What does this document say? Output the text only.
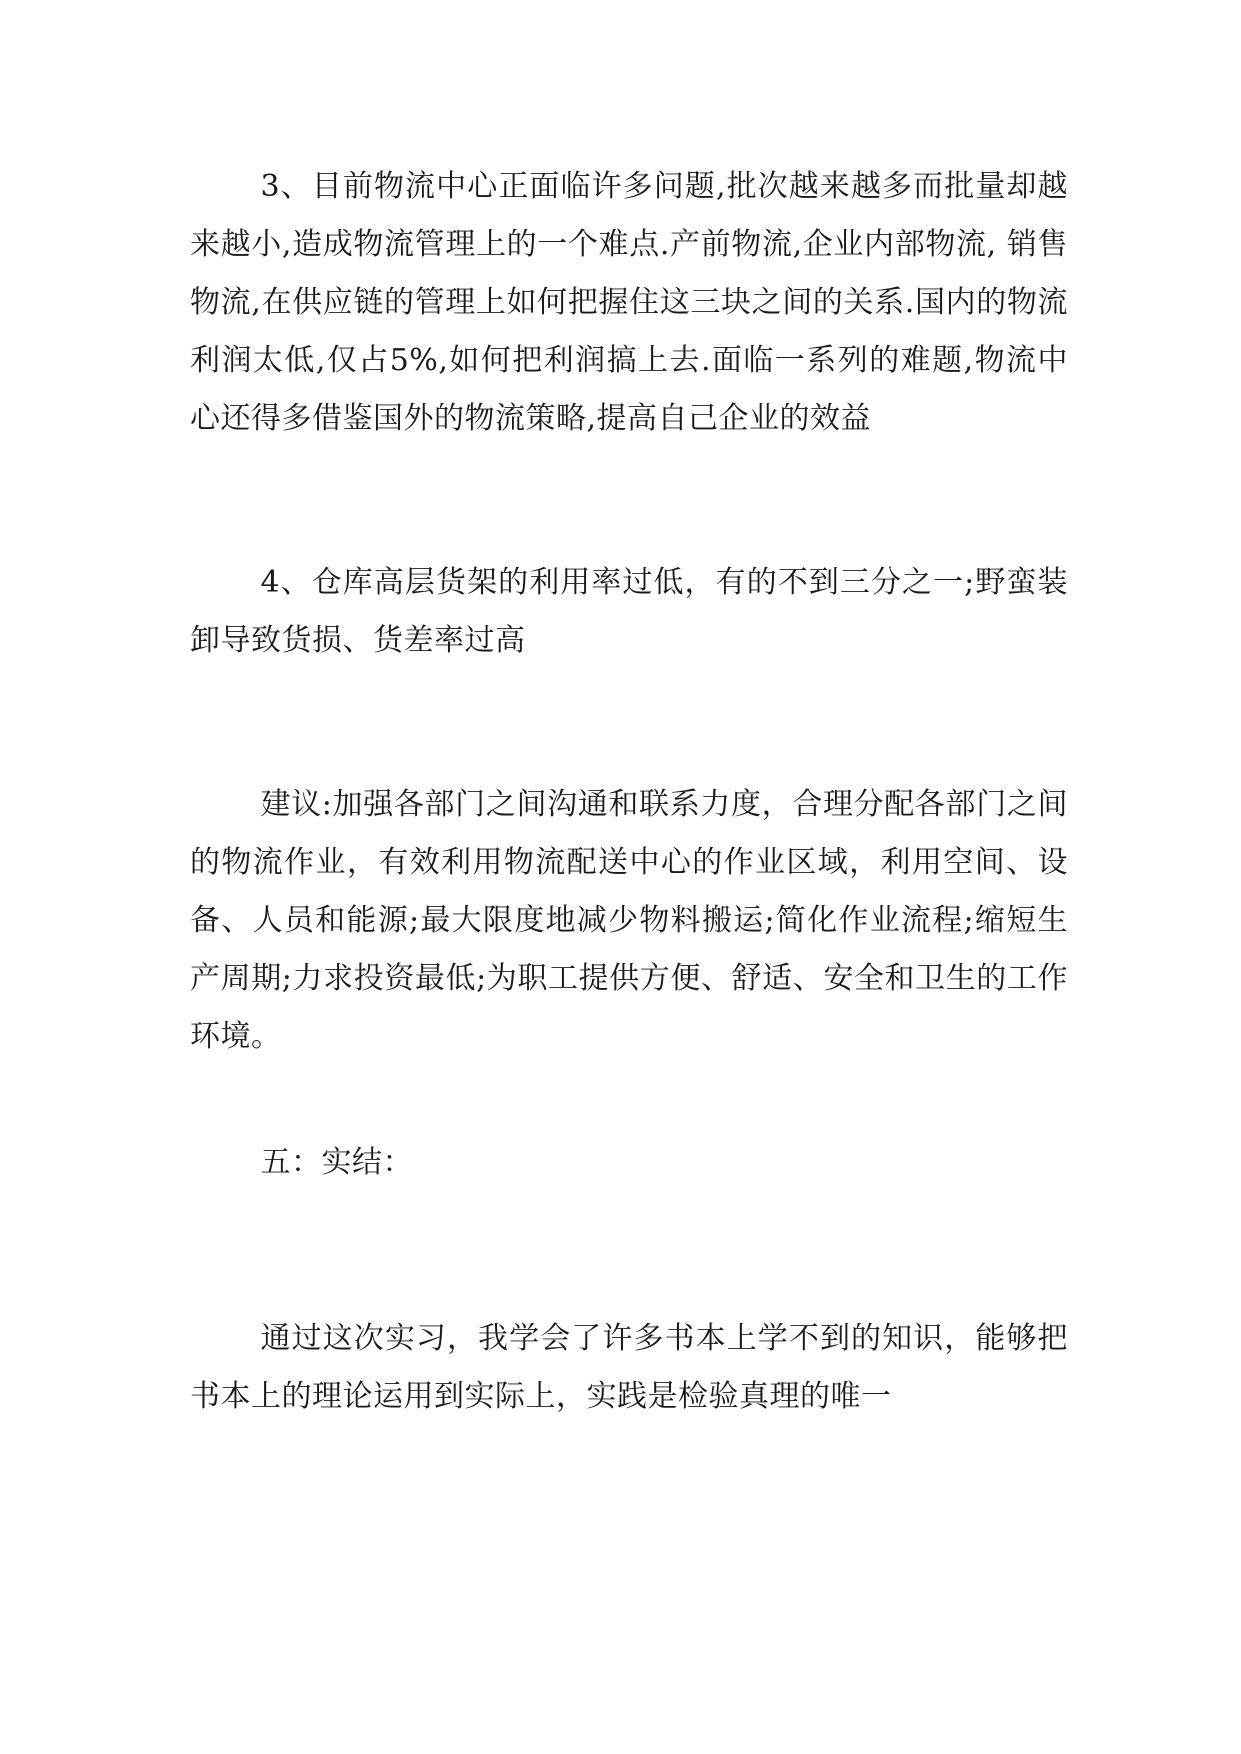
3、目前物流中心正面临许多问题,批次越来越多而批量却越来越小,造成物流管理上的一个难点.产前物流,企业内部物流, 销售物流,在供应链的管理上如何把握住这三块之间的关系.国内的物流利润太低,仅占5%,如何把利润搞上去.面临一系列的难题,物流中心还得多借鉴国外的物流策略,提高自己企业的效益

4、仓库高层货架的利用率过低，有的不到三分之一;野蛮装卸导致货损、货差率过高

建议:加强各部门之间沟通和联系力度，合理分配各部门之间的物流作业，有效利用物流配送中心的作业区域，利用空间、设备、人员和能源;最大限度地减少物料搬运;简化作业流程;缩短生产周期;力求投资最低;为职工提供方便、舒适、安全和卫生的工作环境。

五：实结：

通过这次实习，我学会了许多书本上学不到的知识，能够把书本上的理论运用到实际上，实践是检验真理的唯一
